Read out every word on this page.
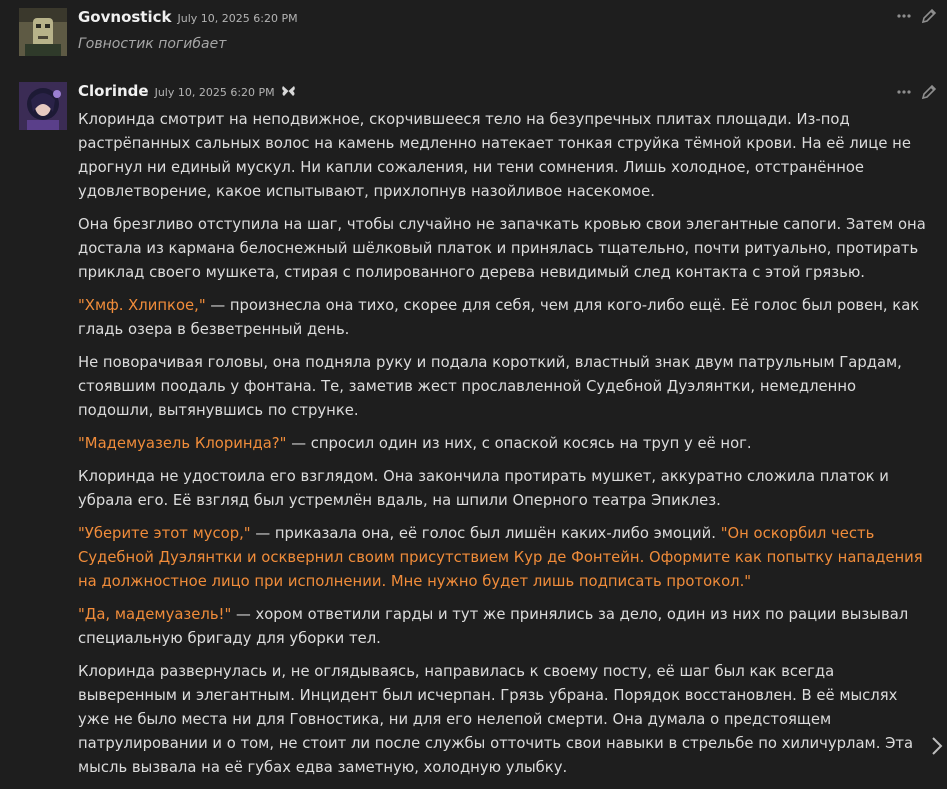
Govnostick July 10, 2025 6:20 PM
Говностик погибает
Clorinde July 10, 2025 6:20 PM

Клоринда смотрит на неподвижное, скорчившееся тело на безупречных плитах площади. Из-под растрёпанных сальных волос на камень медленно натекает тонкая струйка тёмной крови. На её лице не дрогнул ни единый мускул. Ни капли сожаления, ни тени сомнения. Лишь холодное, отстранённое удовлетворение, какое испытывают, прихлопнув назойливое насекомое.

Она брезгливо отступила на шаг, чтобы случайно не запачкать кровью свои элегантные сапоги. Затем она достала из кармана белоснежный шёлковый платок и принялась тщательно, почти ритуально, протирать приклад своего мушкета, стирая с полированного дерева невидимый след контакта с этой грязью.

"Хмф. Хлипкое," — произнесла она тихо, скорее для себя, чем для кого-либо ещё. Её голос был ровен, как гладь озера в безветренный день.

Не поворачивая головы, она подняла руку и подала короткий, властный знак двум патрульным Гардам, стоявшим поодаль у фонтана. Те, заметив жест прославленной Судебной Дуэлянтки, немедленно подошли, вытянувшись по струнке.

"Мадемуазель Клоринда?" — спросил один из них, с опаской косясь на труп у её ног.

Клоринда не удостоила его взглядом. Она закончила протирать мушкет, аккуратно сложила платок и убрала его. Её взгляд был устремлён вдаль, на шпили Оперного театра Эпиклез.

"Уберите этот мусор," — приказала она, её голос был лишён каких-либо эмоций. "Он оскорбил честь Судебной Дуэлянтки и осквернил своим присутствием Кур де Фонтейн. Оформите как попытку нападения на должностное лицо при исполнении. Мне нужно будет лишь подписать протокол."

"Да, мадемуазель!" — хором ответили гарды и тут же принялись за дело, один из них по рации вызывал специальную бригаду для уборки тел.

Клоринда развернулась и, не оглядываясь, направилась к своему посту, её шаг был как всегда выверенным и элегантным. Инцидент был исчерпан. Грязь убрана. Порядок восстановлен. В её мыслях уже не было места ни для Говностика, ни для его нелепой смерти. Она думала о предстоящем патрулировании и о том, не стоит ли после службы отточить свои навыки в стрельбе по хиличурлам. Эта мысль вызвала на её губах едва заметную, холодную улыбку.
